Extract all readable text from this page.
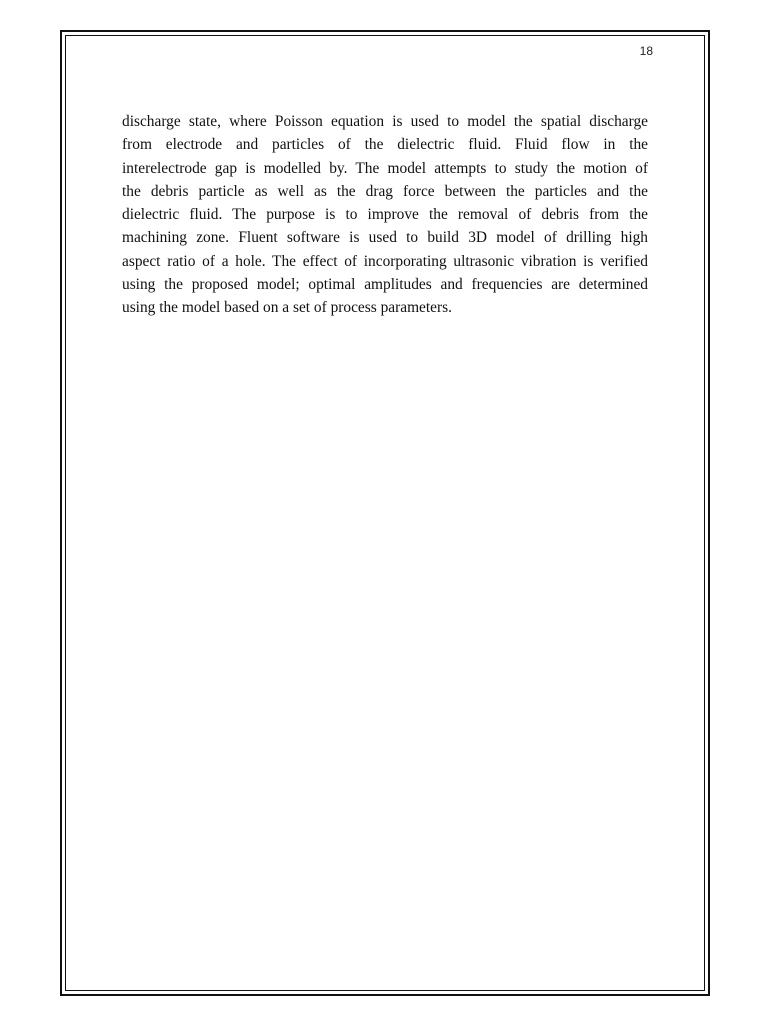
18
discharge state, where Poisson equation is used to model the spatial discharge
from electrode and particles of the dielectric fluid. Fluid flow in the
interelectrode gap is modelled by. The model attempts to study the motion of
the debris particle as well as the drag force between the particles and the
dielectric fluid. The purpose is to improve the removal of debris from the
machining zone. Fluent software is used to build 3D model of drilling high
aspect ratio of a hole. The effect of incorporating ultrasonic vibration is verified
using the proposed model; optimal amplitudes and frequencies are determined
using the model based on a set of process parameters.
